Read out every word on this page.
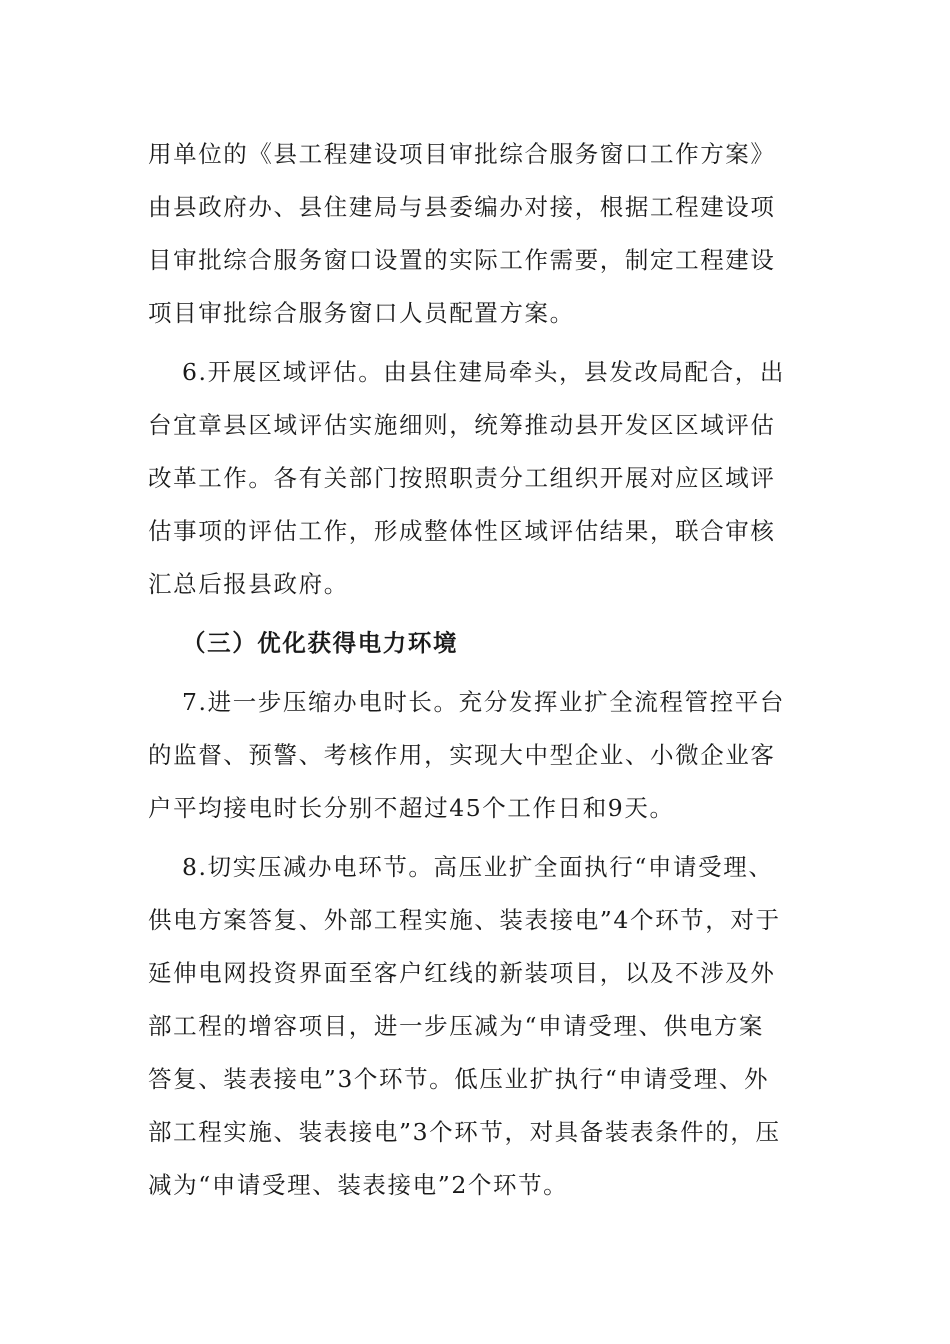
用单位的《县工程建设项目审批综合服务窗口工作方案》
由县政府办、县住建局与县委编办对接，根据工程建设项
目审批综合服务窗口设置的实际工作需要，制定工程建设
项目审批综合服务窗口人员配置方案。
6.开展区域评估。由县住建局牵头，县发改局配合，出
台宜章县区域评估实施细则，统筹推动县开发区区域评估
改革工作。各有关部门按照职责分工组织开展对应区域评
估事项的评估工作，形成整体性区域评估结果，联合审核
汇总后报县政府。
（三）优化获得电力环境
7.进一步压缩办电时长。充分发挥业扩全流程管控平台
的监督、预警、考核作用，实现大中型企业、小微企业客
户平均接电时长分别不超过45个工作日和9天。
8.切实压减办电环节。高压业扩全面执行“申请受理、
供电方案答复、外部工程实施、装表接电”4个环节，对于
延伸电网投资界面至客户红线的新装项目，以及不涉及外
部工程的增容项目，进一步压减为“申请受理、供电方案
答复、装表接电”3个环节。低压业扩执行“申请受理、外
部工程实施、装表接电”3个环节，对具备装表条件的，压
减为“申请受理、装表接电”2个环节。
